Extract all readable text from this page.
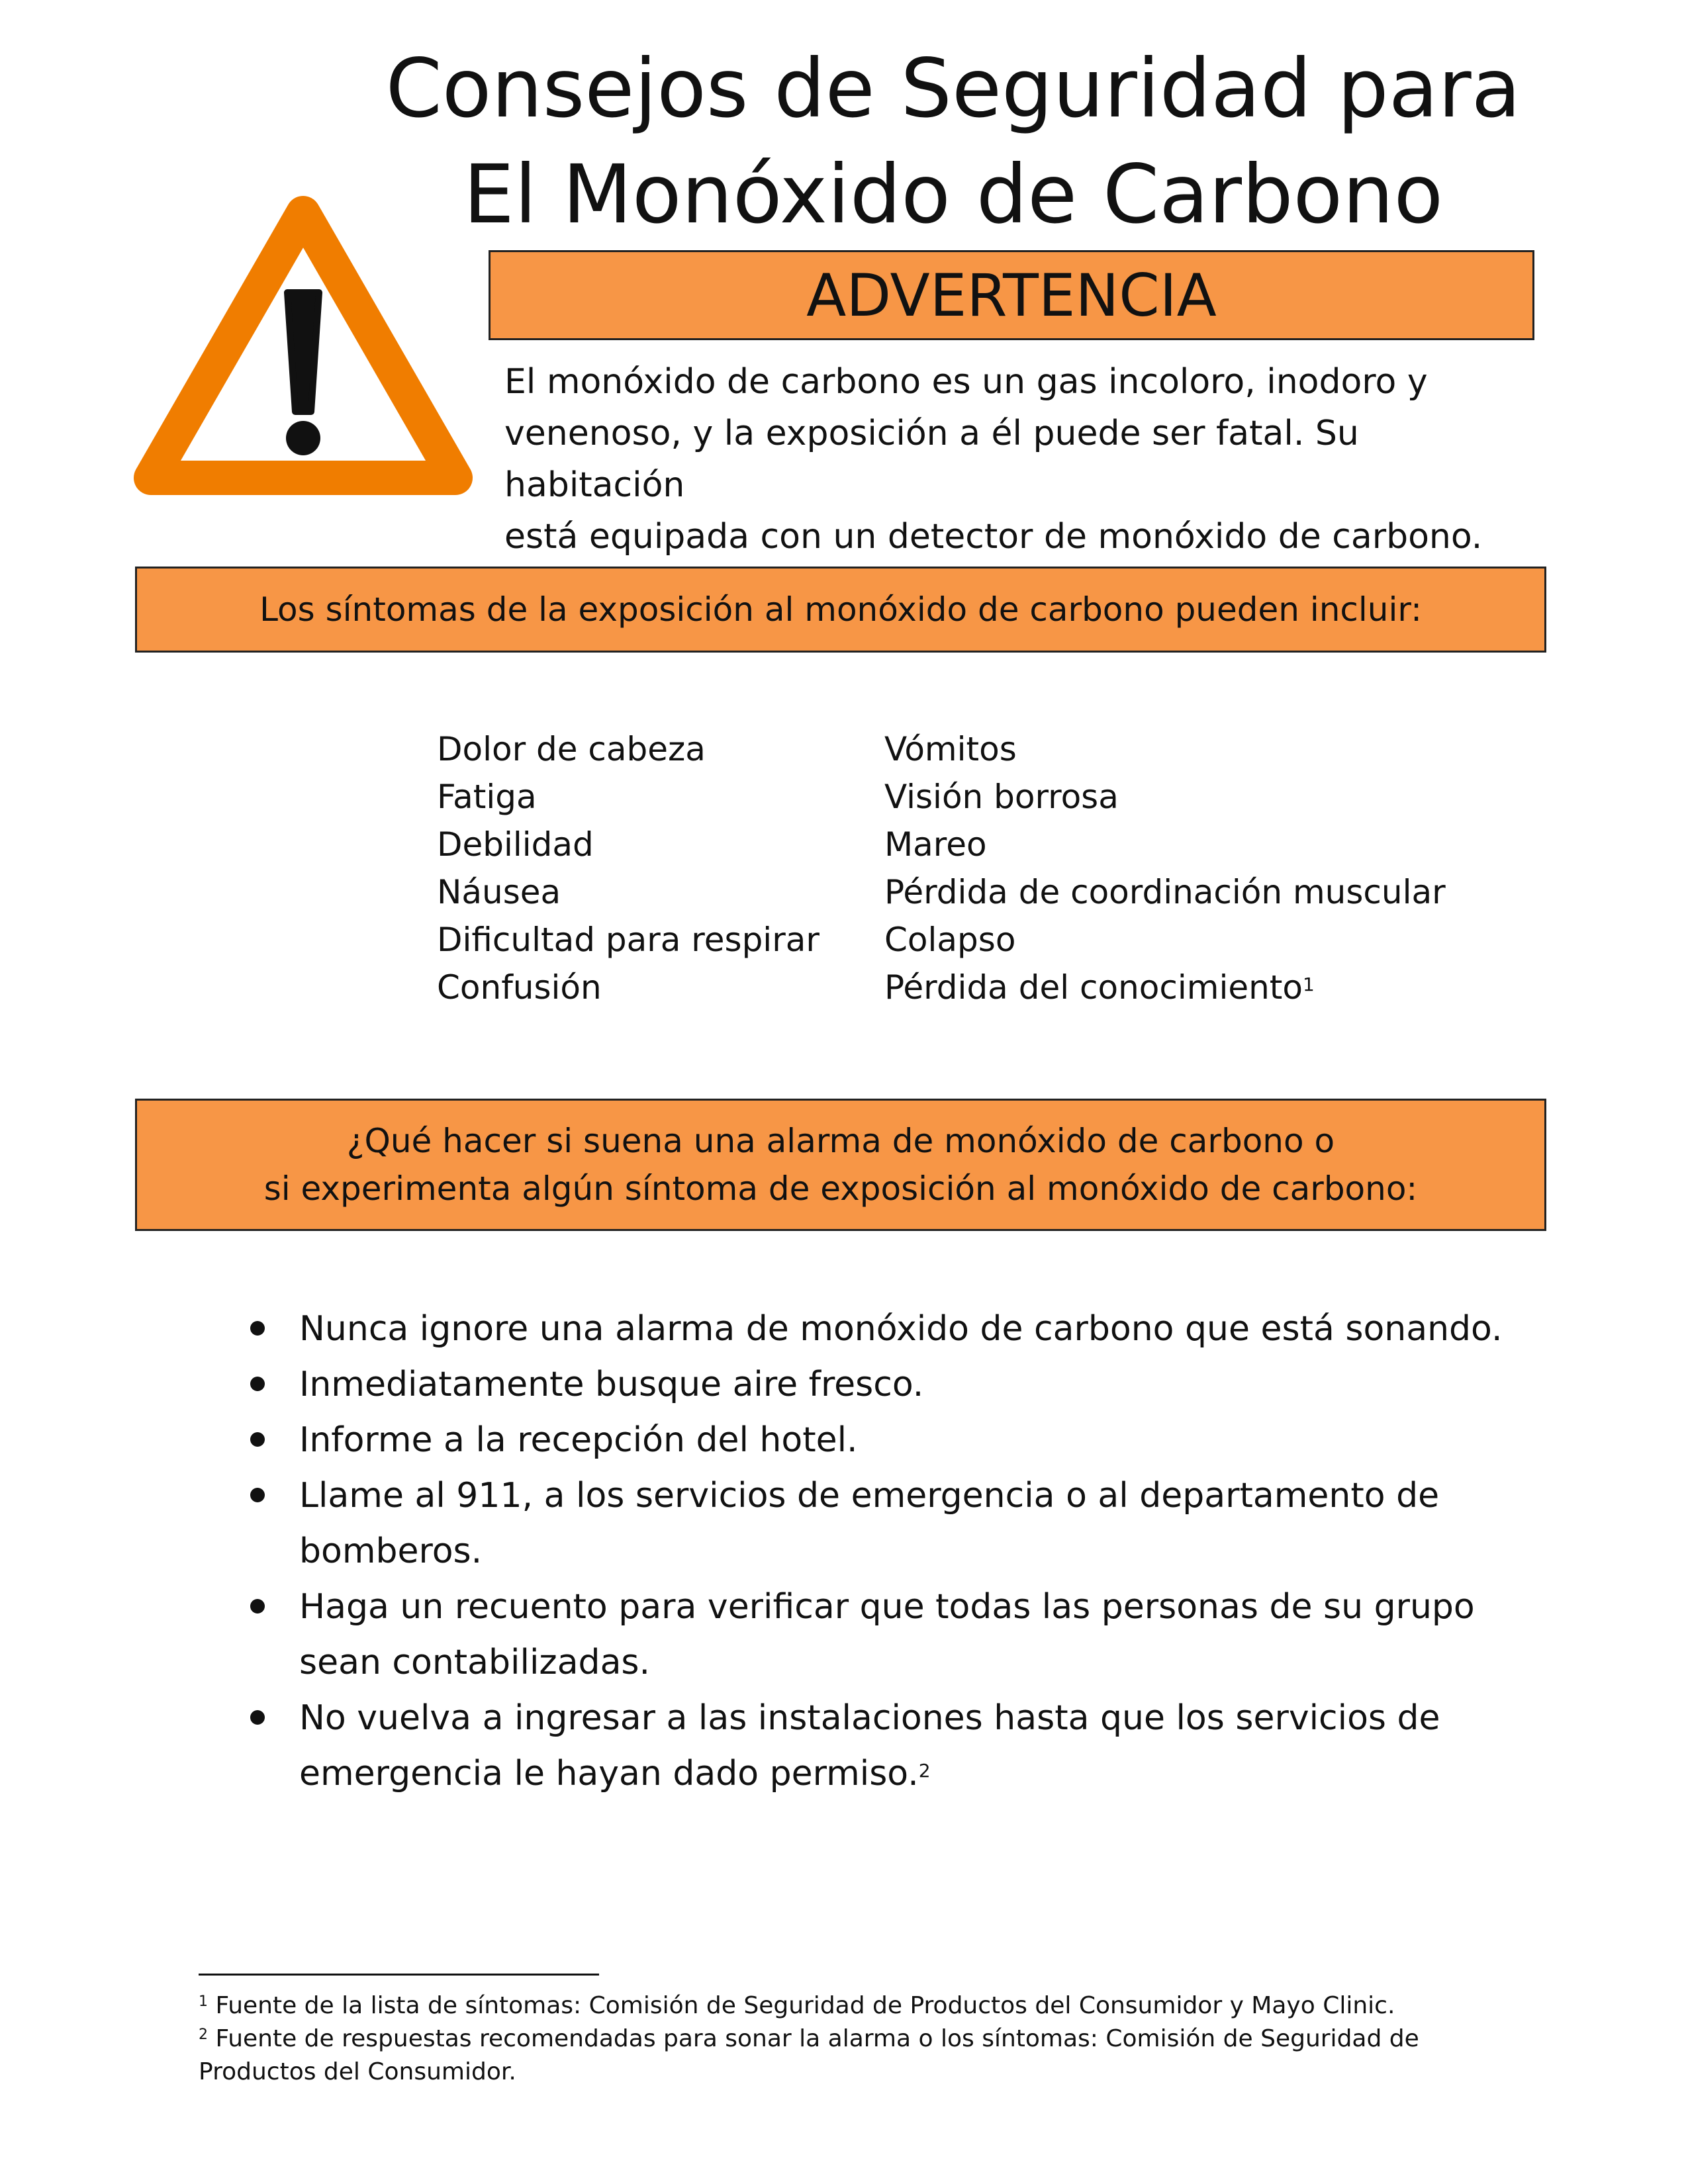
Consejos de Seguridad para
El Monóxido de Carbono
ADVERTENCIA

El monóxido de carbono es un gas incoloro, inodoro y

venenoso, y la exposición a él puede ser fatal. Su habitación

está equipada con un detector de monóxido de carbono.

Los síntomas de la exposición al monóxido de carbono pueden incluir:
Dolor de cabeza
Fatiga
Debilidad
Náusea
Dificultad para respirar
Confusión
Vómitos
Visión borrosa
Mareo
Pérdida de coordinación muscular
Colapso
Pérdida del conocimiento$^1$
¿Qué hacer si suena una alarma de monóxido de carbono o
si experimenta algún síntoma de exposición al monóxido de carbono:
Nunca ignore una alarma de monóxido de carbono que está sonando.
Inmediatamente busque aire fresco.
Informe a la recepción del hotel.
Llame al 911, a los servicios de emergencia o al departamento de bomberos.
Haga un recuento para verificar que todas las personas de su grupo sean contabilizadas.
No vuelva a ingresar a las instalaciones hasta que los servicios de emergencia le hayan dado permiso.$^2$

$^1$ Fuente de la lista de síntomas: Comisión de Seguridad de Productos del Consumidor y Mayo Clinic.

$^2$ Fuente de respuestas recomendadas para sonar la alarma o los síntomas: Comisión de Seguridad de Productos del Consumidor.
